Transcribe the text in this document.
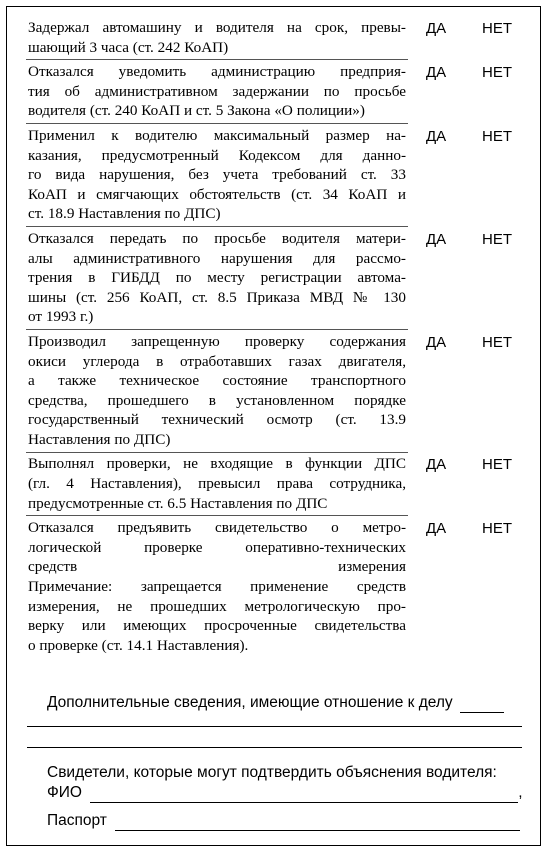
Задержал автомашину и водителя на срок, превы-
шающий 3 часа (ст. 242 КоАП)
ДА НЕТ
Отказался уведомить администрацию предприя-
тия об административном задержании по просьбе
водителя (ст. 240 КоАП и ст. 5 Закона «О полиции»)
ДА НЕТ
Применил к водителю максимальный размер на-
казания, предусмотренный Кодексом для данно-
го вида нарушения, без учета требований ст. 33
КоАП и смягчающих обстоятельств (ст. 34 КоАП и
ст. 18.9 Наставления по ДПС)
ДА НЕТ
Отказался передать по просьбе водителя матери-
алы административного нарушения для рассмо-
трения в ГИБДД по месту регистрации автома-
шины (ст. 256 КоАП, ст. 8.5 Приказа МВД № 130
от 1993 г.)
ДА НЕТ
Производил запрещенную проверку содержания
окиси углерода в отработавших газах двигателя,
а также техническое состояние транспортного
средства, прошедшего в установленном порядке
государственный технический осмотр (ст. 13.9
Наставления по ДПС)
ДА НЕТ
Выполнял проверки, не входящие в функции ДПС
(гл. 4 Наставления), превысил права сотрудника,
предусмотренные ст. 6.5 Наставления по ДПС
ДА НЕТ
Отказался предъявить свидетельство о метро-
логической проверке оперативно-технических
средств измерения
Примечание: запрещается применение средств
измерения, не прошедших метрологическую про-
верку или имеющих просроченные свидетельства
о проверке (ст. 14.1 Наставления).
ДА НЕТ
Дополнительные сведения, имеющие отношение к делу
Свидетели, которые могут подтвердить объяснения водителя:
ФИО	,
Паспорт
